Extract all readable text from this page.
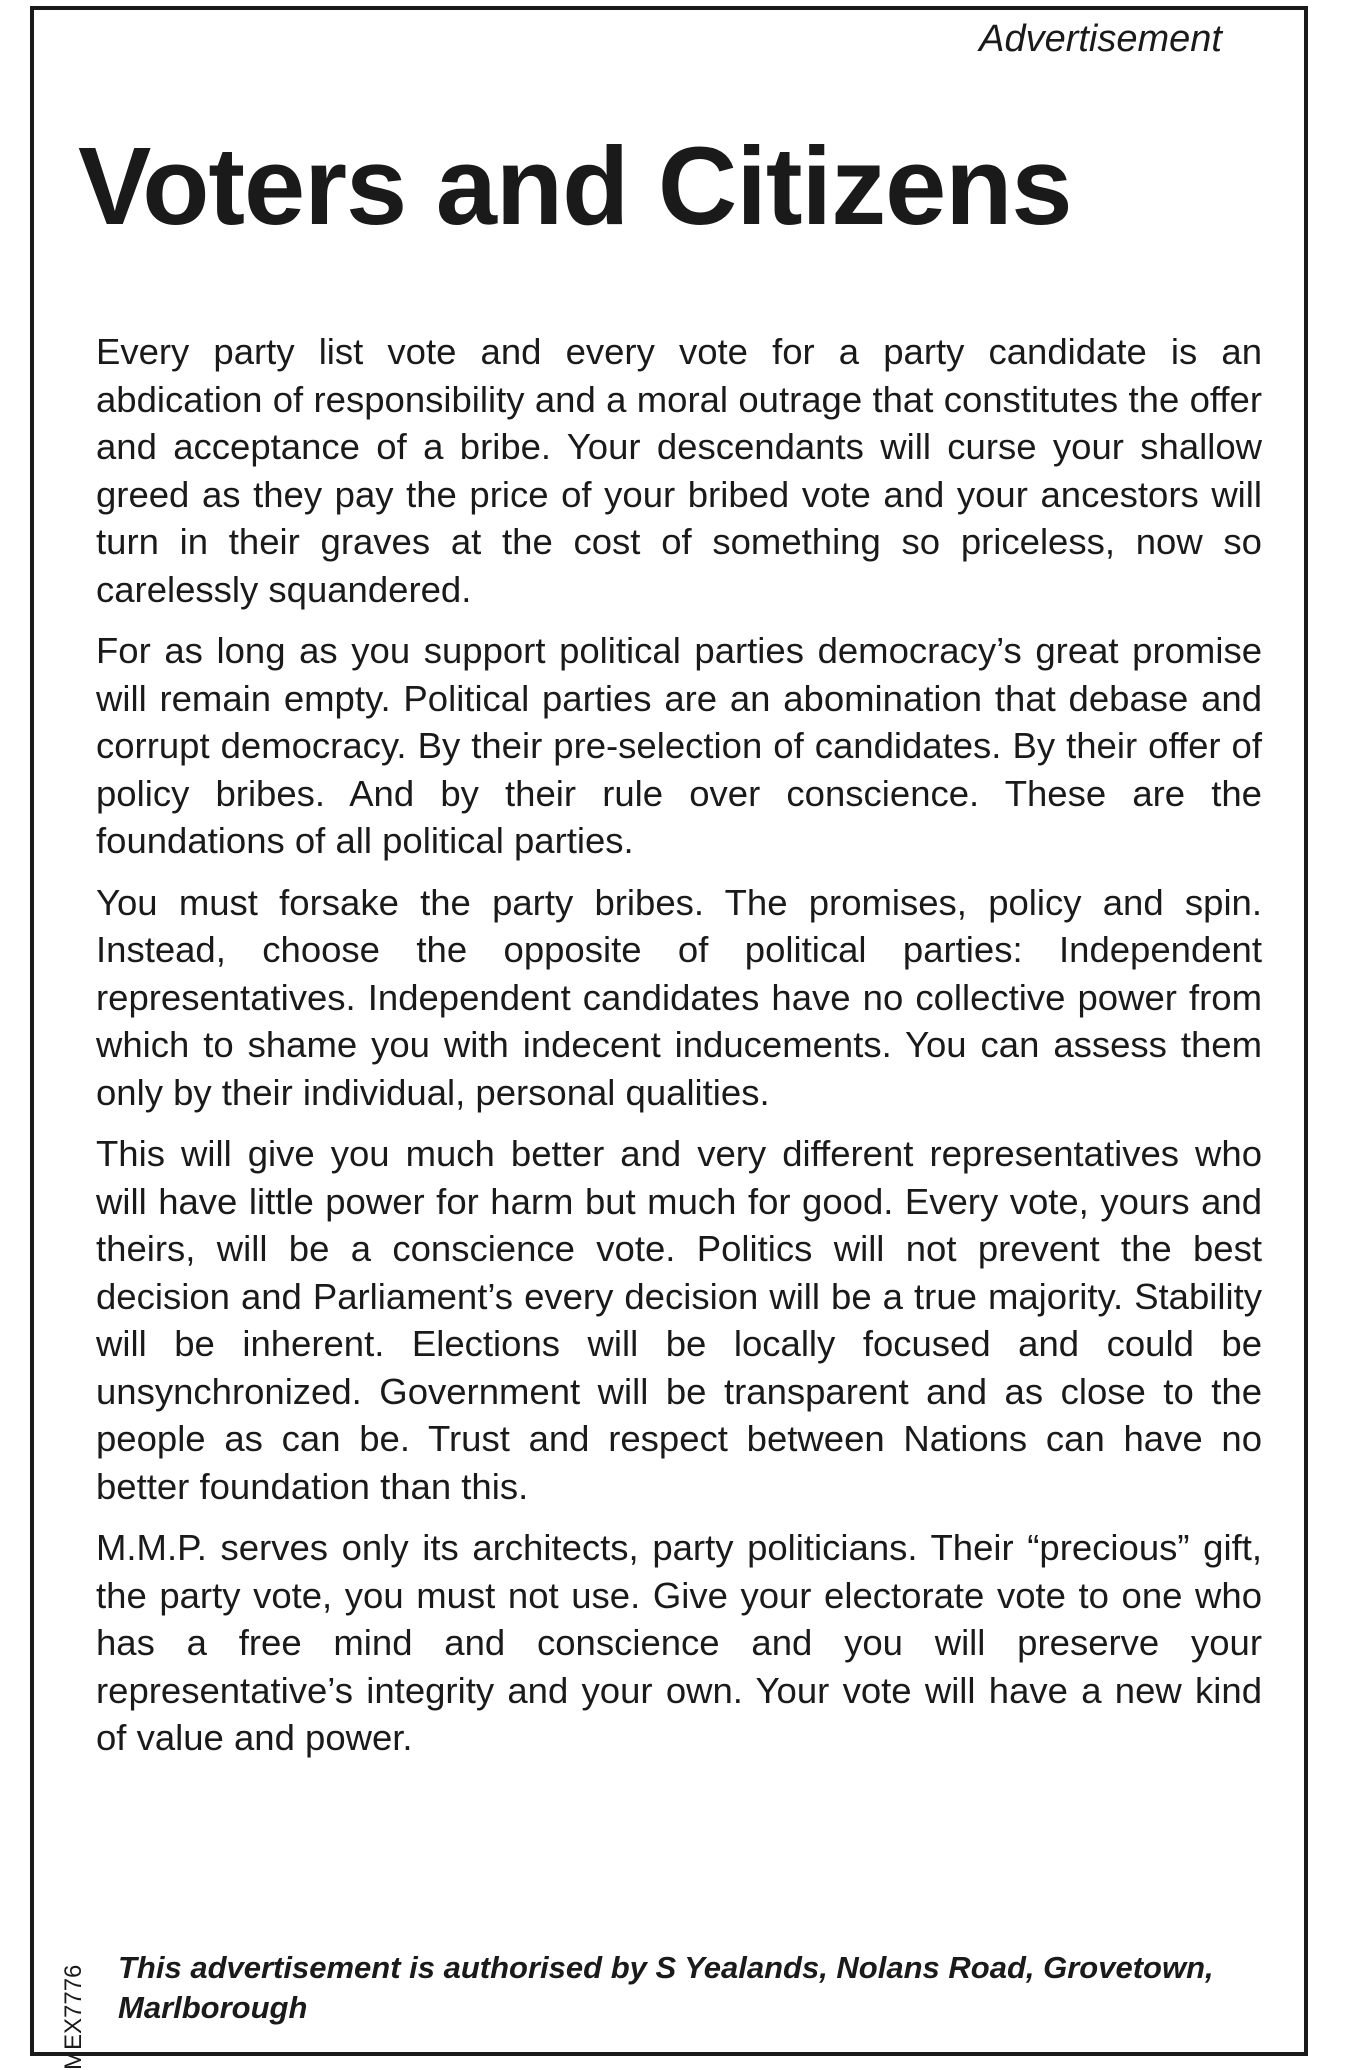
Advertisement
Voters and Citizens

Every party list vote and every vote for a party candidate is an abdication of responsibility and a moral outrage that constitutes the offer and acceptance of a bribe. Your descendants will curse your shallow greed as they pay the price of your bribed vote and your ancestors will turn in their graves at the cost of something so priceless, now so carelessly squandered.

For as long as you support political parties democracy’s great promise will remain empty. Political parties are an abomination that debase and corrupt democracy. By their pre-selection of candidates. By their offer of policy bribes. And by their rule over conscience. These are the foundations of all political parties.

You must forsake the party bribes. The promises, policy and spin. Instead, choose the opposite of political parties: Independent representatives. Independent candidates have no collective power from which to shame you with indecent inducements. You can assess them only by their individual, personal qualities.

This will give you much better and very different representatives who will have little power for harm but much for good. Every vote, yours and theirs, will be a conscience vote. Politics will not prevent the best decision and Parliament’s every decision will be a true majority. Stability will be inherent. Elections will be locally focused and could be unsynchronized. Government will be transparent and as close to the people as can be. Trust and respect between Nations can have no better foundation than this.

M.M.P. serves only its architects, party politicians. Their “precious” gift, the party vote, you must not use. Give your electorate vote to one who has a free mind and conscience and you will preserve your representative’s integrity and your own. Your vote will have a new kind of value and power.

This advertisement is authorised by S Yealands, Nolans Road, Grovetown, Marlborough
MEX7776
